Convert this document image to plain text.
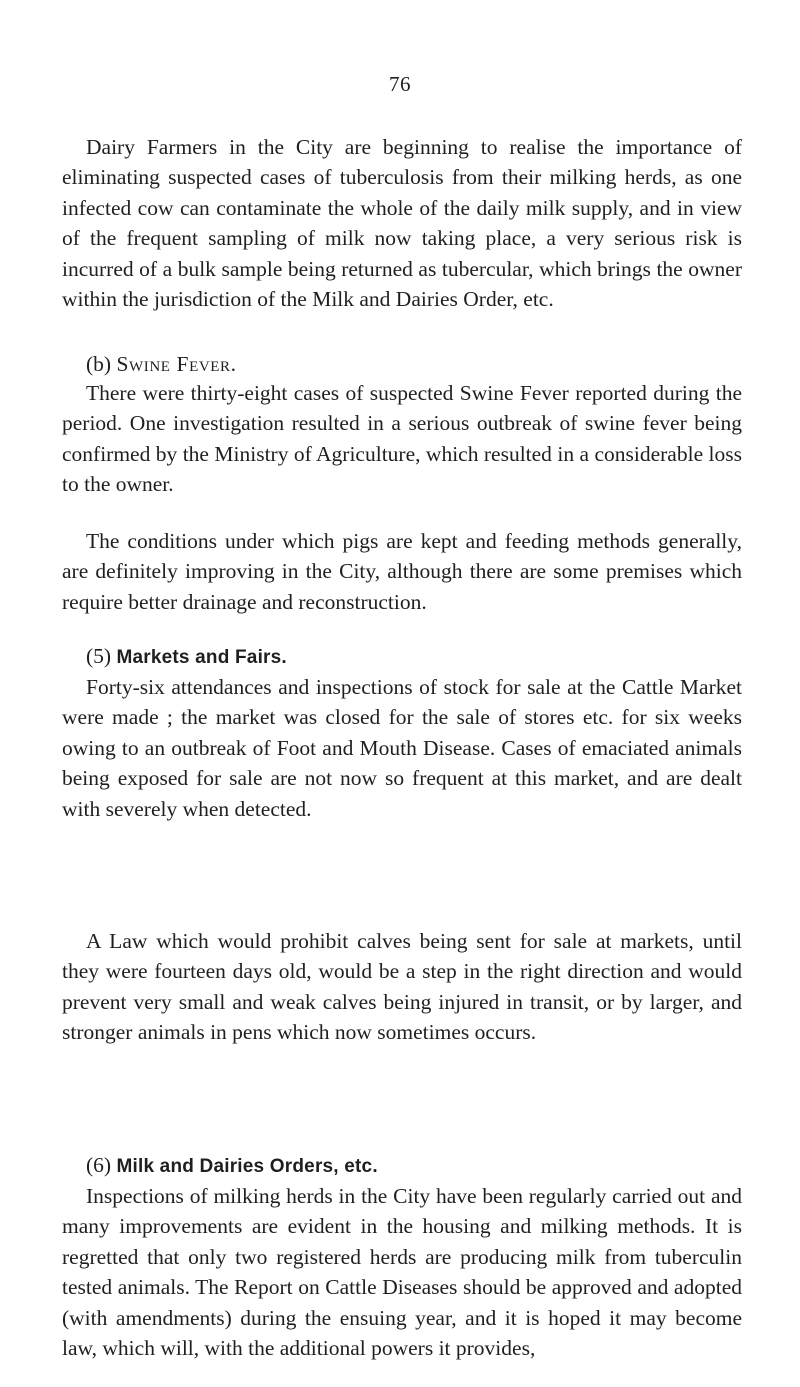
76

Dairy Farmers in the City are beginning to realise the importance of eliminating suspected cases of tuberculosis from their milking herds, as one infected cow can contaminate the whole of the daily milk supply, and in view of the frequent sampling of milk now taking place, a very serious risk is incurred of a bulk sample being returned as tubercular, which brings the owner within the jurisdiction of the Milk and Dairies Order, etc.

(b) Swine Fever.

There were thirty-eight cases of suspected Swine Fever reported during the period. One investigation resulted in a serious outbreak of swine fever being confirmed by the Ministry of Agriculture, which resulted in a considerable loss to the owner.

The conditions under which pigs are kept and feeding methods generally, are definitely improving in the City, although there are some premises which require better drainage and reconstruction.

(5) Markets and Fairs.

Forty-six attendances and inspections of stock for sale at the Cattle Market were made ; the market was closed for the sale of stores etc. for six weeks owing to an outbreak of Foot and Mouth Disease. Cases of emaciated animals being exposed for sale are not now so frequent at this market, and are dealt with severely when detected.

A Law which would prohibit calves being sent for sale at markets, until they were fourteen days old, would be a step in the right direction and would prevent very small and weak calves being injured in transit, or by larger, and stronger animals in pens which now sometimes occurs.

(6) Milk and Dairies Orders, etc.

Inspections of milking herds in the City have been regularly carried out and many improvements are evident in the housing and milking methods. It is regretted that only two registered herds are producing milk from tuberculin tested animals. The Report on Cattle Diseases should be approved and adopted (with amendments) during the ensuing year, and it is hoped it may become law, which will, with the additional powers it provides,
